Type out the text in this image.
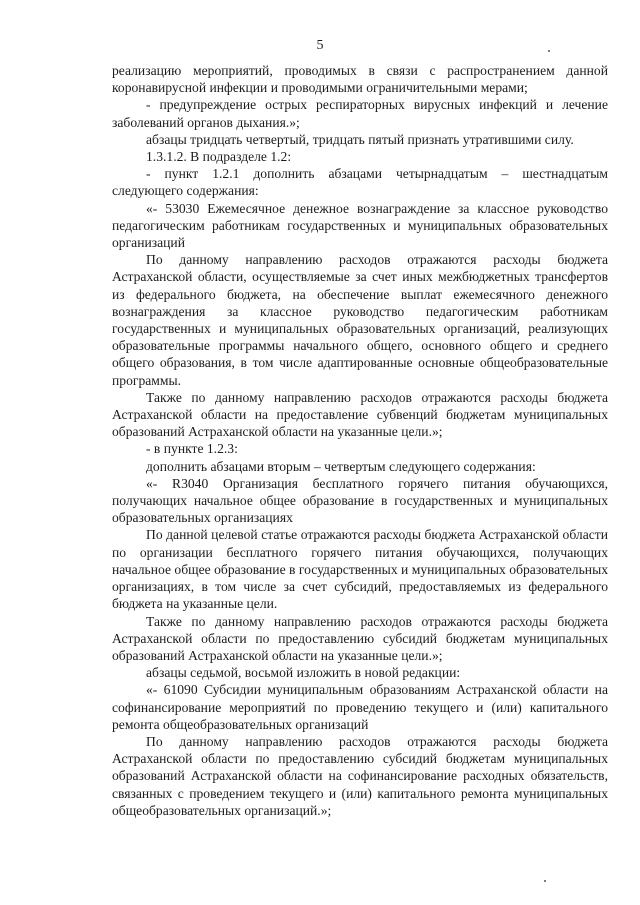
5

реализацию мероприятий, проводимых в связи с распространением данной коронавирусной инфекции и проводимыми ограничительными мерами;

- предупреждение острых респираторных вирусных инфекций и лечение заболеваний органов дыхания.»;

абзацы тридцать четвертый, тридцать пятый признать утратившими силу.

1.3.1.2. В подразделе 1.2:

- пункт 1.2.1 дополнить абзацами четырнадцатым – шестнадцатым следующего содержания:

«- 53030 Ежемесячное денежное вознаграждение за классное руководство педагогическим работникам государственных и муниципальных образовательных организаций

По данному направлению расходов отражаются расходы бюджета Астраханской области, осуществляемые за счет иных межбюджетных трансфертов из федерального бюджета, на обеспечение выплат ежемесячного денежного вознаграждения за классное руководство педагогическим работникам государственных и муниципальных образовательных организаций, реализующих образовательные программы начального общего, основного общего и среднего общего образования, в том числе адаптированные основные общеобразовательные программы.

Также по данному направлению расходов отражаются расходы бюджета Астраханской области на предоставление субвенций бюджетам муниципальных образований Астраханской области на указанные цели.»;

- в пункте 1.2.3:

дополнить абзацами вторым – четвертым следующего содержания:

«- R3040 Организация бесплатного горячего питания обучающихся, получающих начальное общее образование в государственных и муниципальных образовательных организациях

По данной целевой статье отражаются расходы бюджета Астраханской области по организации бесплатного горячего питания обучающихся, получающих начальное общее образование в государственных и муниципальных образовательных организациях, в том числе за счет субсидий, предоставляемых из федерального бюджета на указанные цели.

Также по данному направлению расходов отражаются расходы бюджета Астраханской области по предоставлению субсидий бюджетам муниципальных образований Астраханской области на указанные цели.»;

абзацы седьмой, восьмой изложить в новой редакции:

«- 61090 Субсидии муниципальным образованиям Астраханской области на софинансирование мероприятий по проведению текущего и (или) капитального ремонта общеобразовательных организаций

По данному направлению расходов отражаются расходы бюджета Астраханской области по предоставлению субсидий бюджетам муниципальных образований Астраханской области на софинансирование расходных обязательств, связанных с проведением текущего и (или) капитального ремонта муниципальных общеобразовательных организаций.»;
